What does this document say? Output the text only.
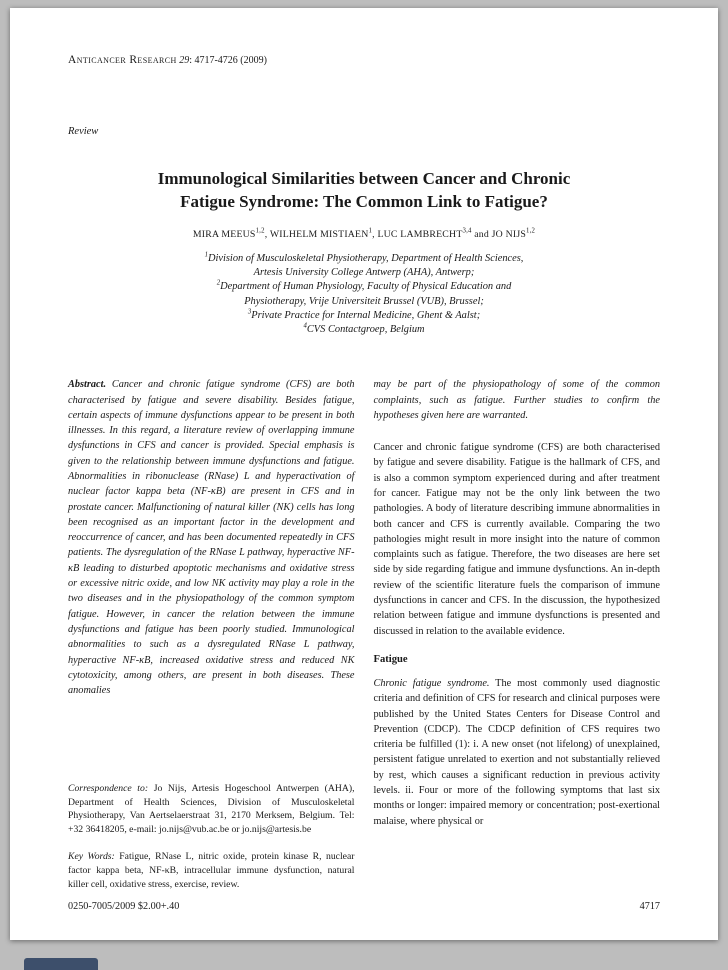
Anticancer Research 29: 4717-4726 (2009)
Review
Immunological Similarities between Cancer and Chronic
Fatigue Syndrome: The Common Link to Fatigue?
MIRA MEEUS$^{1,2}$, WILHELM MISTIAEN$^1$, LUC LAMBRECHT$^{3,4}$ and JO NIJS$^{1,2}$
$^1$Division of Musculoskeletal Physiotherapy, Department of Health Sciences,
Artesis University College Antwerp (AHA), Antwerp;
$^2$Department of Human Physiology, Faculty of Physical Education and
Physiotherapy, Vrije Universiteit Brussel (VUB), Brussel;
$^3$Private Practice for Internal Medicine, Ghent & Aalst;
$^4$CVS Contactgroep, Belgium

Abstract. Cancer and chronic fatigue syndrome (CFS) are both characterised by fatigue and severe disability. Besides fatigue, certain aspects of immune dysfunctions appear to be present in both illnesses. In this regard, a literature review of overlapping immune dysfunctions in CFS and cancer is provided. Special emphasis is given to the relationship between immune dysfunctions and fatigue. Abnormalities in ribonuclease (RNase) L and hyperactivation of nuclear factor kappa beta (NF-κB) are present in CFS and in prostate cancer. Malfunctioning of natural killer (NK) cells has long been recognised as an important factor in the development and reoccurrence of cancer, and has been documented repeatedly in CFS patients. The dysregulation of the RNase L pathway, hyperactive NF-κB leading to disturbed apoptotic mechanisms and oxidative stress or excessive nitric oxide, and low NK activity may play a role in the two diseases and in the physiopathology of the common symptom fatigue. However, in cancer the relation between the immune dysfunctions and fatigue has been poorly studied. Immunological abnormalities to such as a dysregulated RNase L pathway, hyperactive NF-κB, increased oxidative stress and reduced NK cytotoxicity, among others, are present in both diseases. These anomalies

Correspondence to: Jo Nijs, Artesis Hogeschool Antwerpen (AHA), Department of Health Sciences, Division of Musculoskeletal Physiotherapy, Van Aertselaerstraat 31, 2170 Merksem, Belgium. Tel: +32 36418205, e-mail: jo.nijs@vub.ac.be or jo.nijs@artesis.be

Key Words: Fatigue, RNase L, nitric oxide, protein kinase R, nuclear factor kappa beta, NF-κB, intracellular immune dysfunction, natural killer cell, oxidative stress, exercise, review.

may be part of the physiopathology of some of the common complaints, such as fatigue. Further studies to confirm the hypotheses given here are warranted.

Cancer and chronic fatigue syndrome (CFS) are both characterised by fatigue and severe disability. Fatigue is the hallmark of CFS, and is also a common symptom experienced during and after treatment for cancer. Fatigue may not be the only link between the two pathologies. A body of literature describing immune abnormalities in both cancer and CFS is currently available. Comparing the two pathologies might result in more insight into the nature of common complaints such as fatigue. Therefore, the two diseases are here set side by side regarding fatigue and immune dysfunctions. An in-depth review of the scientific literature fuels the comparison of immune dysfunctions in cancer and CFS. In the discussion, the hypothesized relation between fatigue and immune dysfunctions is presented and discussed in relation to the available evidence.

Fatigue

Chronic fatigue syndrome. The most commonly used diagnostic criteria and definition of CFS for research and clinical purposes were published by the United States Centers for Disease Control and Prevention (CDCP). The CDCP definition of CFS requires two criteria be fulfilled (1): i. A new onset (not lifelong) of unexplained, persistent fatigue unrelated to exertion and not substantially relieved by rest, which causes a significant reduction in previous activity levels. ii. Four or more of the following symptoms that last six months or longer: impaired memory or concentration; post-exertional malaise, where physical or

0250-7005/2009 $2.00+.40	4717
